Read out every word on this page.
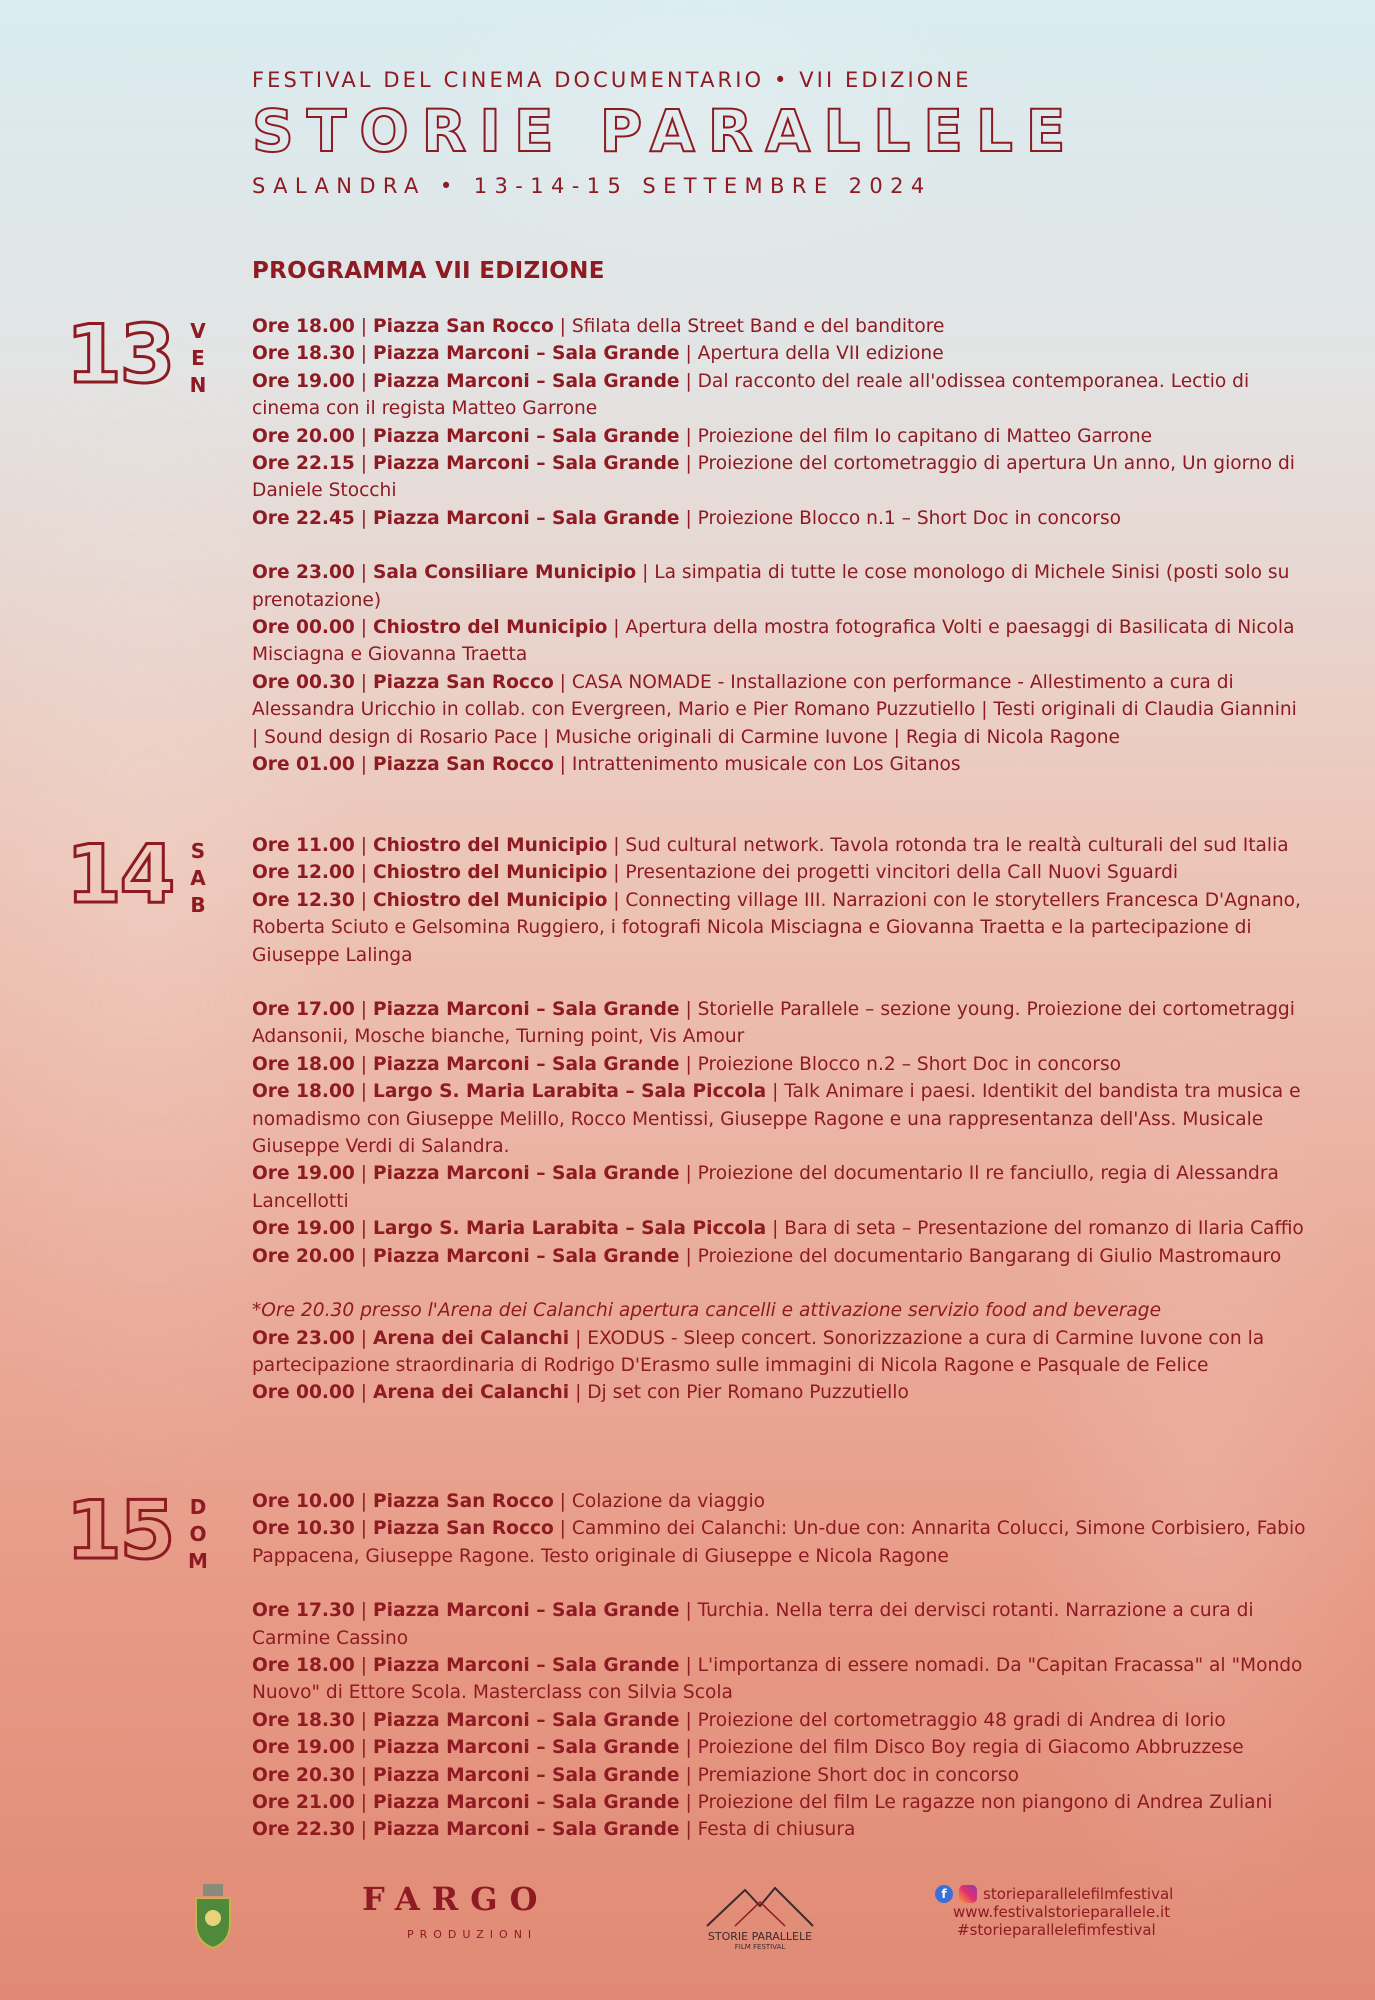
FESTIVAL DEL CINEMA DOCUMENTARIO • VII EDIZIONE
STORIE PARALLELE
SALANDRA • 13-14-15 SETTEMBRE 2024
PROGRAMMA VII EDIZIONE
13 V
E
N
14 S
A
B
15 D
O
M

Ore 18.00 | Piazza San Rocco | Sfilata della Street Band e del banditore

Ore 18.30 | Piazza Marconi – Sala Grande | Apertura della VII edizione

Ore 19.00 | Piazza Marconi – Sala Grande | Dal racconto del reale all'odissea contemporanea. Lectio di cinema con il regista Matteo Garrone

Ore 20.00 | Piazza Marconi – Sala Grande | Proiezione del film Io capitano di Matteo Garrone

Ore 22.15 | Piazza Marconi – Sala Grande | Proiezione del cortometraggio di apertura Un anno, Un giorno di Daniele Stocchi

Ore 22.45 | Piazza Marconi – Sala Grande | Proiezione Blocco n.1 – Short Doc in concorso

Ore 23.00 | Sala Consiliare Municipio | La simpatia di tutte le cose monologo di Michele Sinisi (posti solo su prenotazione)

Ore 00.00 | Chiostro del Municipio | Apertura della mostra fotografica Volti e paesaggi di Basilicata di Nicola Misciagna e Giovanna Traetta

Ore 00.30 | Piazza San Rocco | CASA NOMADE - Installazione con performance - Allestimento a cura di Alessandra Uricchio in collab. con Evergreen, Mario e Pier Romano Puzzutiello | Testi originali di Claudia Giannini | Sound design di Rosario Pace | Musiche originali di Carmine Iuvone | Regia di Nicola Ragone

Ore 01.00 | Piazza San Rocco | Intrattenimento musicale con Los Gitanos

Ore 11.00 | Chiostro del Municipio | Sud cultural network. Tavola rotonda tra le realtà culturali del sud Italia

Ore 12.00 | Chiostro del Municipio | Presentazione dei progetti vincitori della Call Nuovi Sguardi

Ore 12.30 | Chiostro del Municipio | Connecting village III. Narrazioni con le storytellers Francesca D'Agnano, Roberta Sciuto e Gelsomina Ruggiero, i fotografi Nicola Misciagna e Giovanna Traetta e la partecipazione di Giuseppe Lalinga

Ore 17.00 | Piazza Marconi – Sala Grande | Storielle Parallele – sezione young. Proiezione dei cortometraggi Adansonii, Mosche bianche, Turning point, Vis Amour

Ore 18.00 | Piazza Marconi – Sala Grande | Proiezione Blocco n.2 – Short Doc in concorso

Ore 18.00 | Largo S. Maria Larabita – Sala Piccola | Talk Animare i paesi. Identikit del bandista tra musica e nomadismo con Giuseppe Melillo, Rocco Mentissi, Giuseppe Ragone e una rappresentanza dell'Ass. Musicale Giuseppe Verdi di Salandra.

Ore 19.00 | Piazza Marconi – Sala Grande | Proiezione del documentario Il re fanciullo, regia di Alessandra Lancellotti

Ore 19.00 | Largo S. Maria Larabita – Sala Piccola | Bara di seta – Presentazione del romanzo di Ilaria Caffio

Ore 20.00 | Piazza Marconi – Sala Grande | Proiezione del documentario Bangarang di Giulio Mastromauro

*Ore 20.30 presso l'Arena dei Calanchi apertura cancelli e attivazione servizio food and beverage

Ore 23.00 | Arena dei Calanchi | EXODUS - Sleep concert. Sonorizzazione a cura di Carmine Iuvone con la partecipazione straordinaria di Rodrigo D'Erasmo sulle immagini di Nicola Ragone e Pasquale de Felice

Ore 00.00 | Arena dei Calanchi | Dj set con Pier Romano Puzzutiello

Ore 10.00 | Piazza San Rocco | Colazione da viaggio

Ore 10.30 | Piazza San Rocco | Cammino dei Calanchi: Un-due con: Annarita Colucci, Simone Corbisiero, Fabio Pappacena, Giuseppe Ragone. Testo originale di Giuseppe e Nicola Ragone

Ore 17.30 | Piazza Marconi – Sala Grande | Turchia. Nella terra dei dervisci rotanti. Narrazione a cura di Carmine Cassino

Ore 18.00 | Piazza Marconi – Sala Grande | L'importanza di essere nomadi. Da "Capitan Fracassa" al "Mondo Nuovo" di Ettore Scola. Masterclass con Silvia Scola

Ore 18.30 | Piazza Marconi – Sala Grande | Proiezione del cortometraggio 48 gradi di Andrea di Iorio

Ore 19.00 | Piazza Marconi – Sala Grande | Proiezione del film Disco Boy regia di Giacomo Abbruzzese

Ore 20.30 | Piazza Marconi – Sala Grande | Premiazione Short doc in concorso

Ore 21.00 | Piazza Marconi – Sala Grande | Proiezione del film Le ragazze non piangono di Andrea Zuliani

Ore 22.30 | Piazza Marconi – Sala Grande | Festa di chiusura

FARGO
PRODUZIONI	STORIE PARALLELE
FILM FESTIVAL
f	storieparallelefilmfestival
www.festivalstorieparallele.it
#storieparallelefimfestival
